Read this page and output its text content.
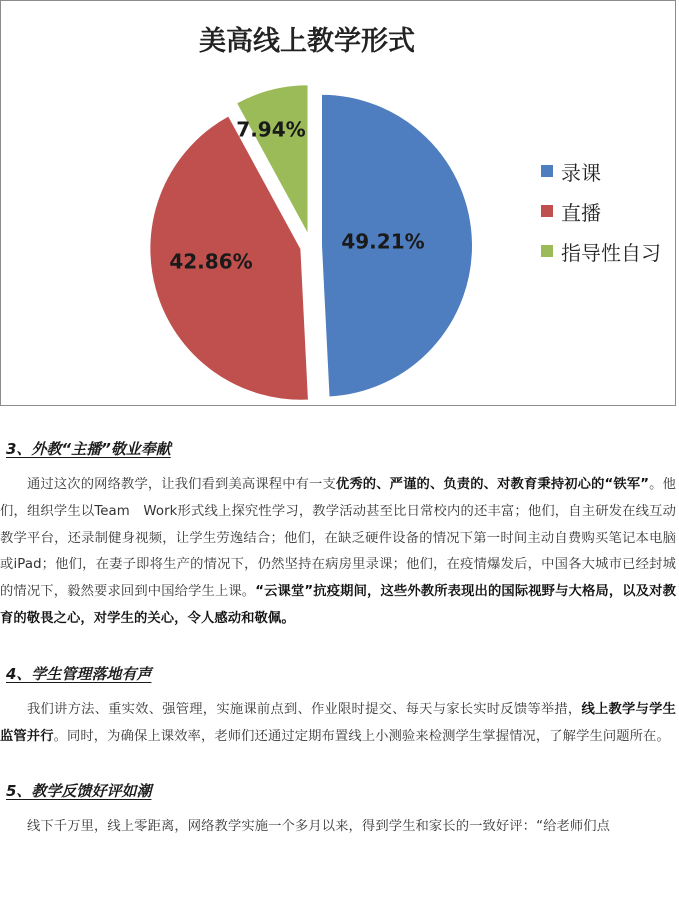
美高线上教学形式
49.21%
42.86%
7.94%
录课
直播
指导性自习
3、外教“主播”敬业奉献

通过这次的网络教学，让我们看到美高课程中有一支优秀的、严谨的、负责的、对教育秉持初心的“铁军”。他们，组织学生以Team　Work形式线上探究性学习，教学活动甚至比日常校内的还丰富；他们，自主研发在线互动教学平台，还录制健身视频，让学生劳逸结合；他们，在缺乏硬件设备的情况下第一时间主动自费购买笔记本电脑或iPad；他们，在妻子即将生产的情况下，仍然坚持在病房里录课；他们，在疫情爆发后，中国各大城市已经封城的情况下，毅然要求回到中国给学生上课。“云课堂”抗疫期间，这些外教所表现出的国际视野与大格局，以及对教育的敬畏之心，对学生的关心，令人感动和敬佩。

4、学生管理落地有声

我们讲方法、重实效、强管理，实施课前点到、作业限时提交、每天与家长实时反馈等举措，线上教学与学生监管并行。同时，为确保上课效率，老师们还通过定期布置线上小测验来检测学生掌握情况，了解学生问题所在。

5、教学反馈好评如潮

线下千万里，线上零距离，网络教学实施一个多月以来，得到学生和家长的一致好评：“给老师们点
